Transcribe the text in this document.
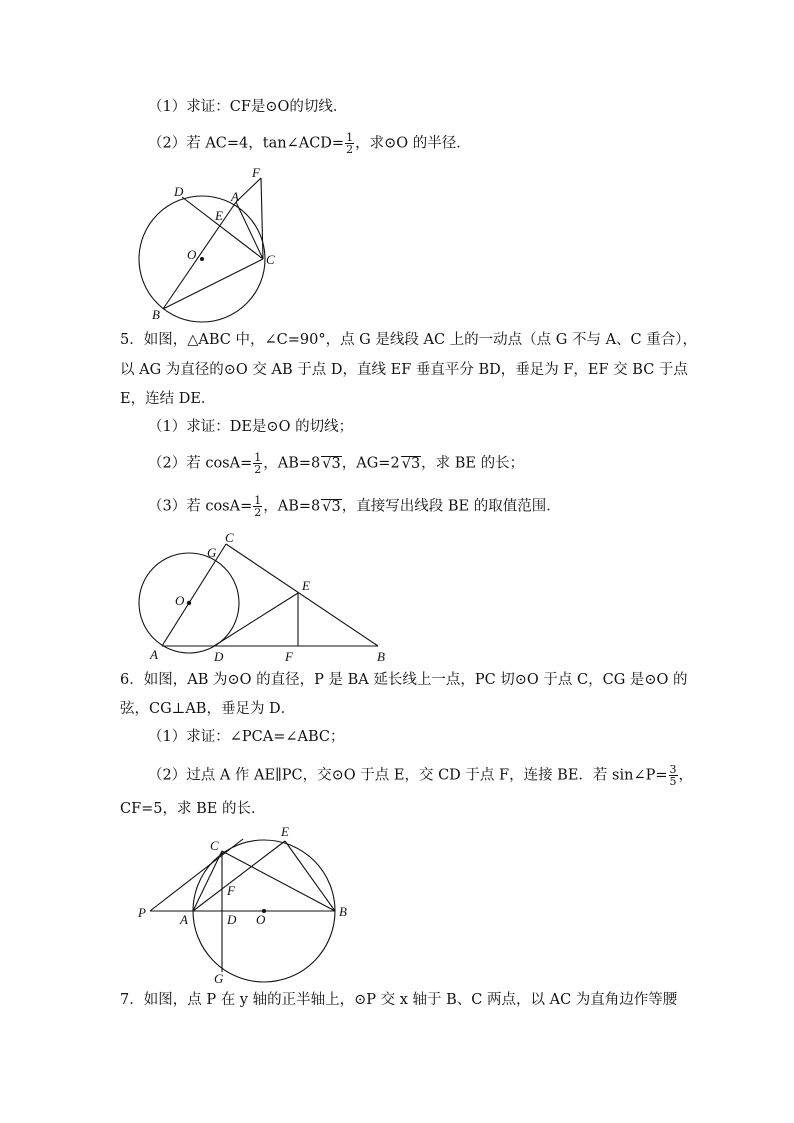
（1）求证：CF是⊙O的切线．
（2）若 AC=4，tan∠ACD= $\frac{1}{2}$ ，求⊙O 的半径．
D	A
F
E
O	C
B
5．如图，△ABC 中，∠C=90°，点 G 是线段 AC 上的一动点（点 G 不与 A、C 重合），
以 AG 为直径的⊙O 交 AB 于点 D，直线 EF 垂直平分 BD，垂足为 F，EF 交 BC 于点
E，连结 DE．
（1）求证：DE是⊙O 的切线；
（2）若 $\cos A= \frac{1}{2}$ ，AB=8 √3，AG=2 √3，求 BE 的长；
（3）若 $\cos A= \frac{1}{2}$ ，AB=8 √3，直接写出线段 BE 的取值范围．
C
G
O
E
A	D	F	B
6．如图，AB 为⊙O 的直径，P 是 BA 延长线上一点，PC 切⊙O 于点 C，CG 是⊙O 的
弦，CG⊥AB，垂足为 D．
（1）求证：∠PCA=∠ABC；
（2）过点 A 作 AE∥PC，交⊙O 于点 E，交 CD 于点 F，连接 BE．若 sin∠P= $\frac{3}{5}$ ，
CF=5，求 BE 的长．
E
C
F
P	A	D O
B
G
7．如图，点 P 在 y 轴的正半轴上，⊙P 交 x 轴于 B、C 两点，以 AC 为直角边作等腰
